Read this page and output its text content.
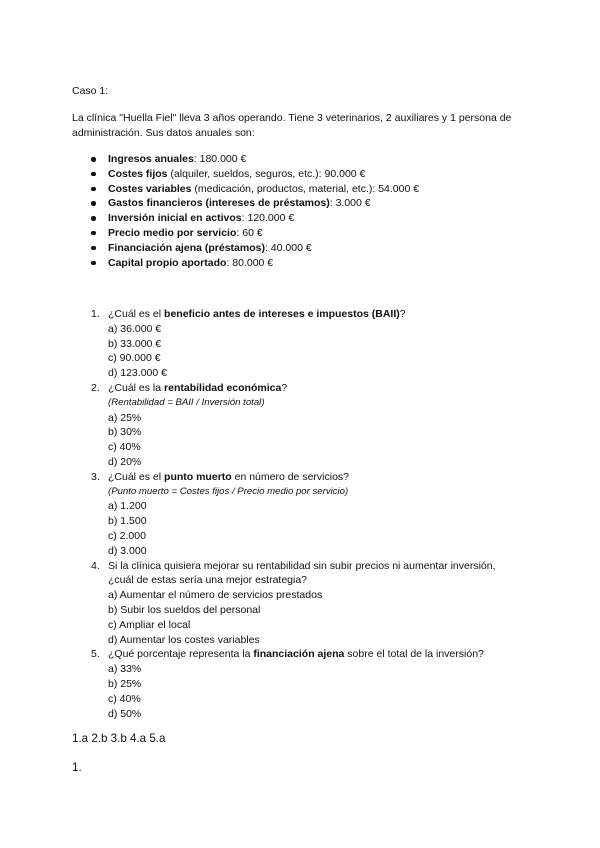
Caso 1:
La clínica "Huella Fiel" lleva 3 años operando. Tiene 3 veterinarios, 2 auxiliares y 1 persona de administración. Sus datos anuales son:
Ingresos anuales: 180.000 €
Costes fijos (alquiler, sueldos, seguros, etc.): 90.000 €
Costes variables (medicación, productos, material, etc.): 54.000 €
Gastos financieros (intereses de préstamos): 3.000 €
Inversión inicial en activos: 120.000 €
Precio medio por servicio: 60 €
Financiación ajena (préstamos): 40.000 €
Capital propio aportado: 80.000 €
1. ¿Cuál es el beneficio antes de intereses e impuestos (BAII)?
a) 36.000 €
b) 33.000 €
c) 90.000 €
d) 123.000 €
2. ¿Cuál es la rentabilidad económica?
(Rentabilidad = BAII / Inversión total)
a) 25%
b) 30%
c) 40%
d) 20%
3. ¿Cuál es el punto muerto en número de servicios?
(Punto muerto = Costes fijos / Precio medio por servicio)
a) 1.200
b) 1.500
c) 2.000
d) 3.000
4. Si la clínica quisiera mejorar su rentabilidad sin subir precios ni aumentar inversión,
¿cuál de estas sería una mejor estrategia?
a) Aumentar el número de servicios prestados
b) Subir los sueldos del personal
c) Ampliar el local
d) Aumentar los costes variables
5. ¿Qué porcentaje representa la financiación ajena sobre el total de la inversión?
a) 33%
b) 25%
c) 40%
d) 50%
1.a 2.b 3.b 4.a 5.a
1.
